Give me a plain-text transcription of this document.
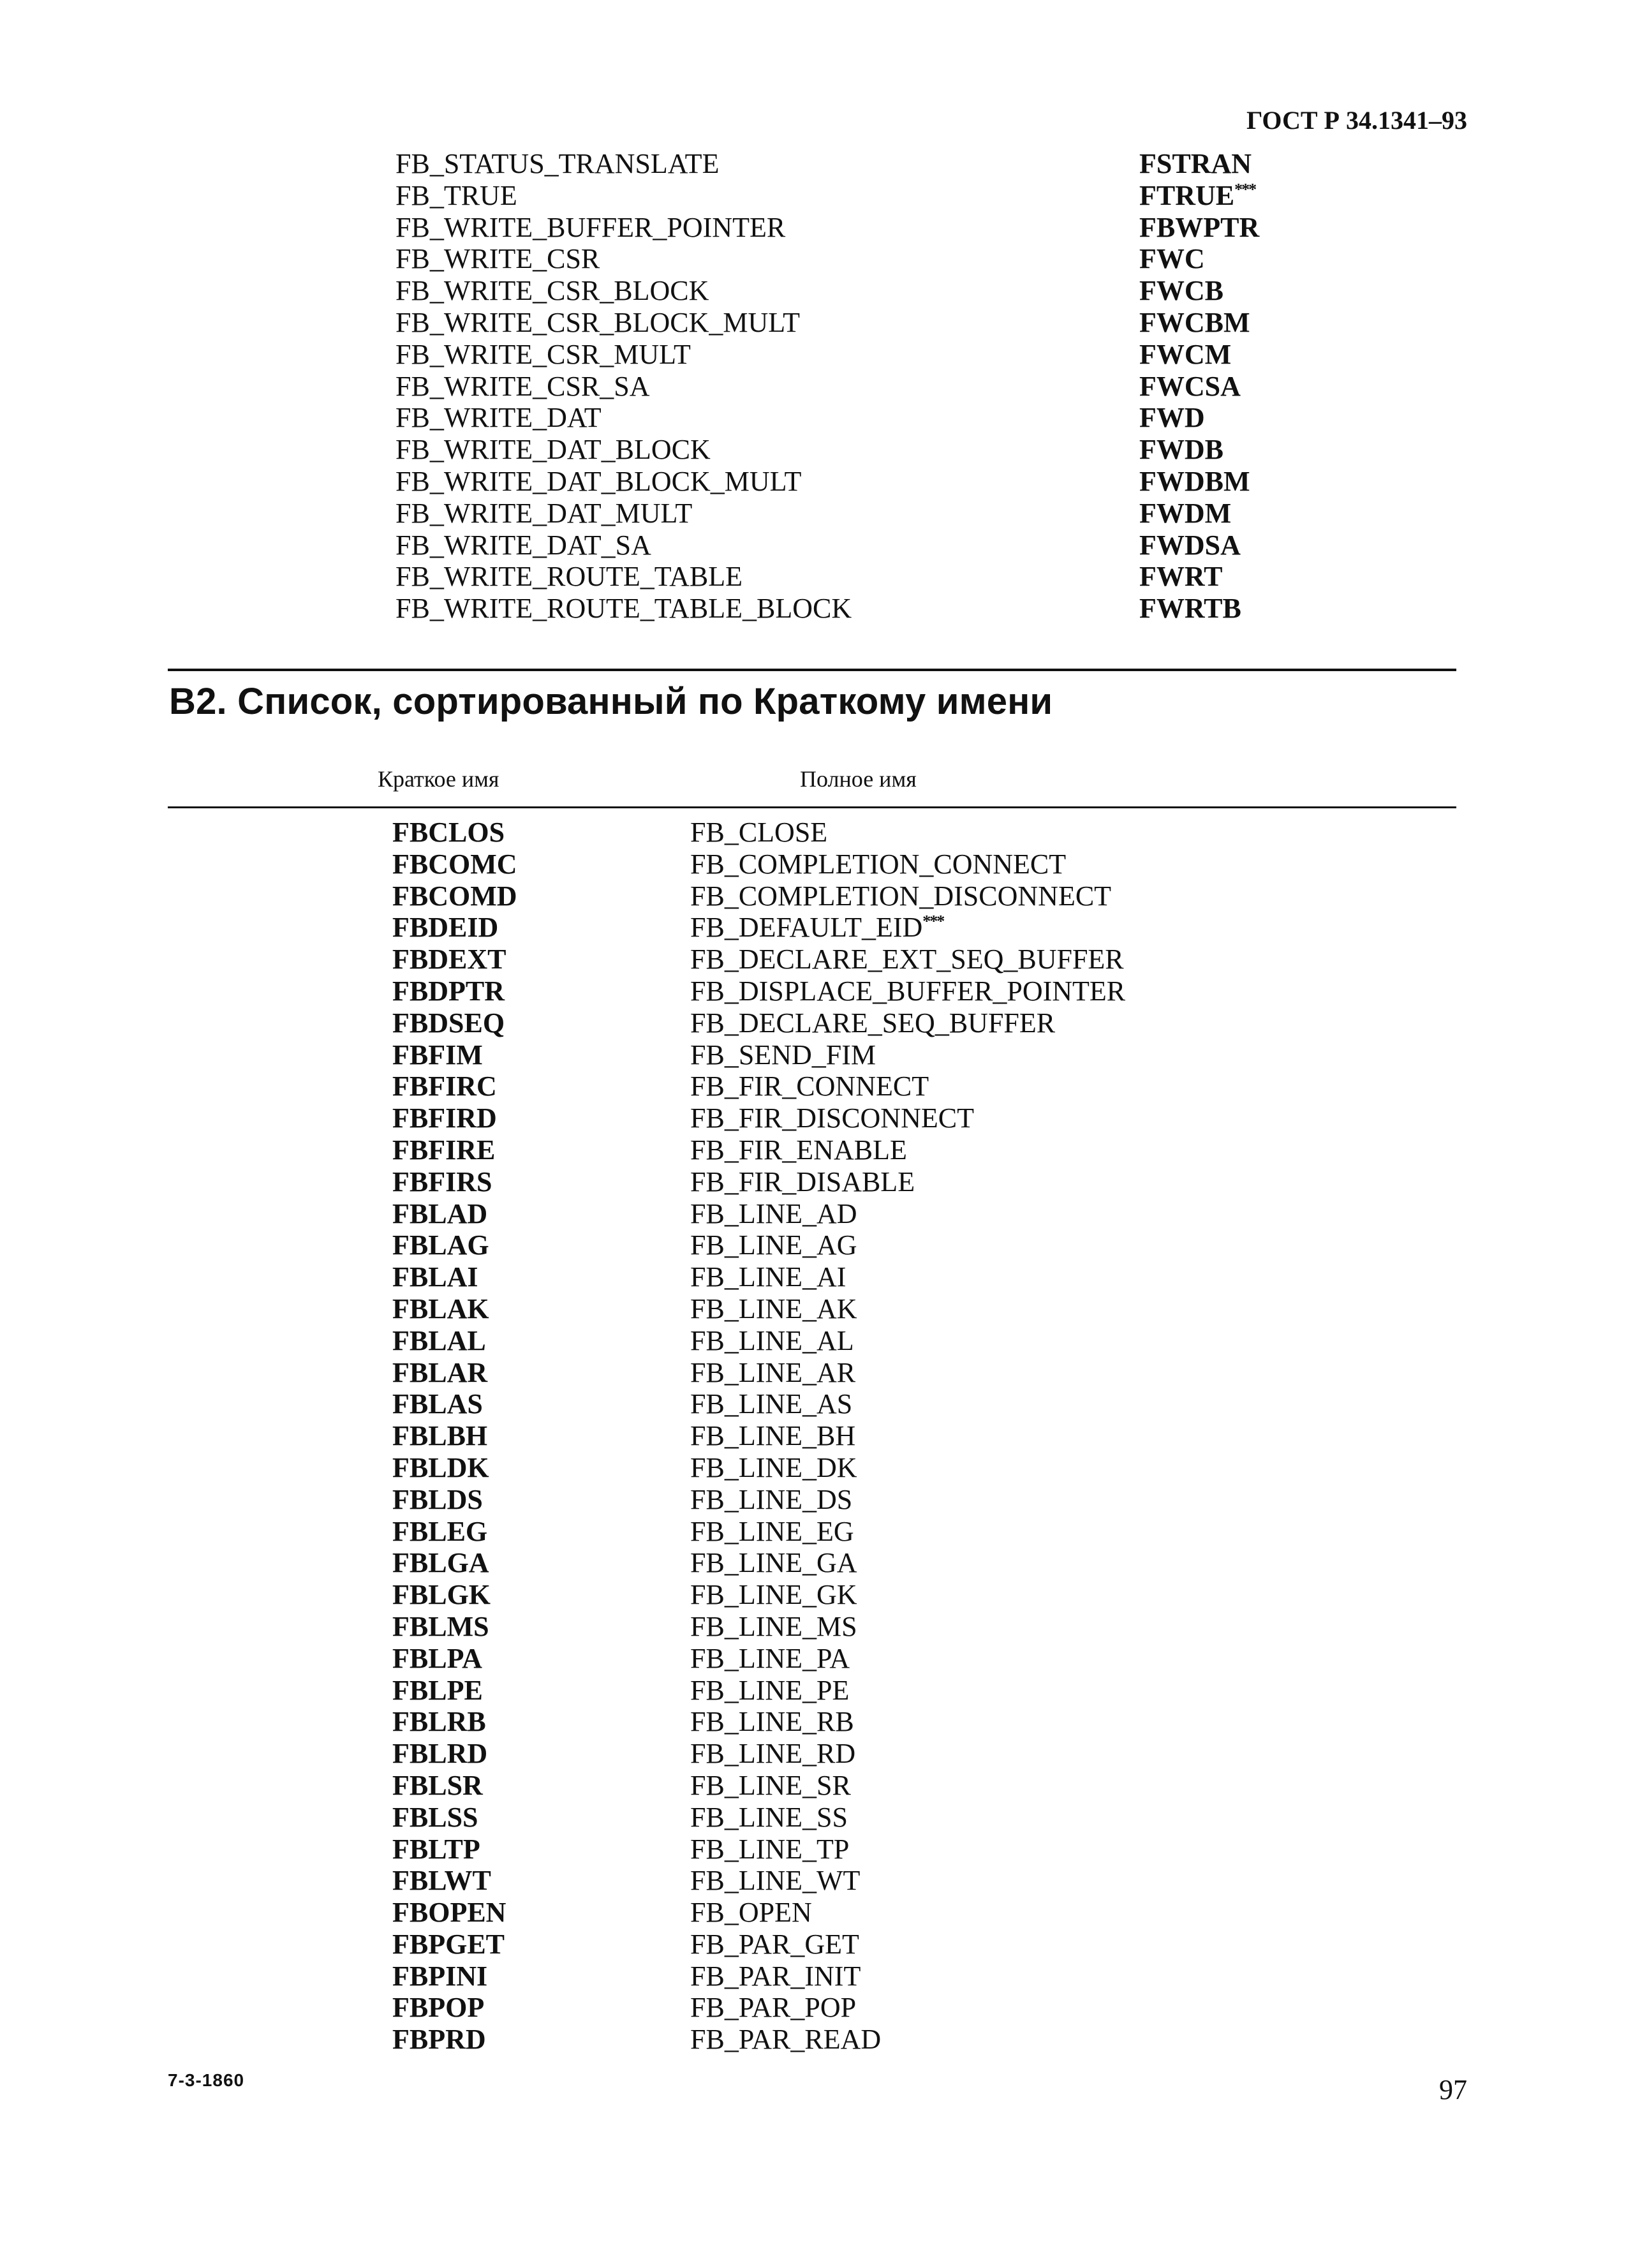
ГОСТ Р 34.1341–93
FB_STATUS_TRANSLATE	FSTRAN
FB_TRUE	FTRUE***
FB_WRITE_BUFFER_POINTER	FBWPTR
FB_WRITE_CSR	FWC
FB_WRITE_CSR_BLOCK	FWCB
FB_WRITE_CSR_BLOCK_MULT	FWCBM
FB_WRITE_CSR_MULT	FWCM
FB_WRITE_CSR_SA	FWCSA
FB_WRITE_DAT	FWD
FB_WRITE_DAT_BLOCK	FWDB
FB_WRITE_DAT_BLOCK_MULT	FWDBM
FB_WRITE_DAT_MULT	FWDM
FB_WRITE_DAT_SA	FWDSA
FB_WRITE_ROUTE_TABLE	FWRT
FB_WRITE_ROUTE_TABLE_BLOCK	FWRTB
B2. Список, сортированный по Краткому имени
Краткое имя	Полное имя
FBCLOS	FB_CLOSE
FBCOMC	FB_COMPLETION_CONNECT
FBCOMD	FB_COMPLETION_DISCONNECT
FBDEID	FB_DEFAULT_EID***
FBDEXT	FB_DECLARE_EXT_SEQ_BUFFER
FBDPTR	FB_DISPLACE_BUFFER_POINTER
FBDSEQ	FB_DECLARE_SEQ_BUFFER
FBFIM	FB_SEND_FIM
FBFIRC	FB_FIR_CONNECT
FBFIRD	FB_FIR_DISCONNECT
FBFIRE	FB_FIR_ENABLE
FBFIRS	FB_FIR_DISABLE
FBLAD	FB_LINE_AD
FBLAG	FB_LINE_AG
FBLAI	FB_LINE_AI
FBLAK	FB_LINE_AK
FBLAL	FB_LINE_AL
FBLAR	FB_LINE_AR
FBLAS	FB_LINE_AS
FBLBH	FB_LINE_BH
FBLDK	FB_LINE_DK
FBLDS	FB_LINE_DS
FBLEG	FB_LINE_EG
FBLGA	FB_LINE_GA
FBLGK	FB_LINE_GK
FBLMS	FB_LINE_MS
FBLPA	FB_LINE_PA
FBLPE	FB_LINE_PE
FBLRB	FB_LINE_RB
FBLRD	FB_LINE_RD
FBLSR	FB_LINE_SR
FBLSS	FB_LINE_SS
FBLTP	FB_LINE_TP
FBLWT	FB_LINE_WT
FBOPEN	FB_OPEN
FBPGET	FB_PAR_GET
FBPINI	FB_PAR_INIT
FBPOP	FB_PAR_POP
FBPRD	FB_PAR_READ
7-3-1860	97
